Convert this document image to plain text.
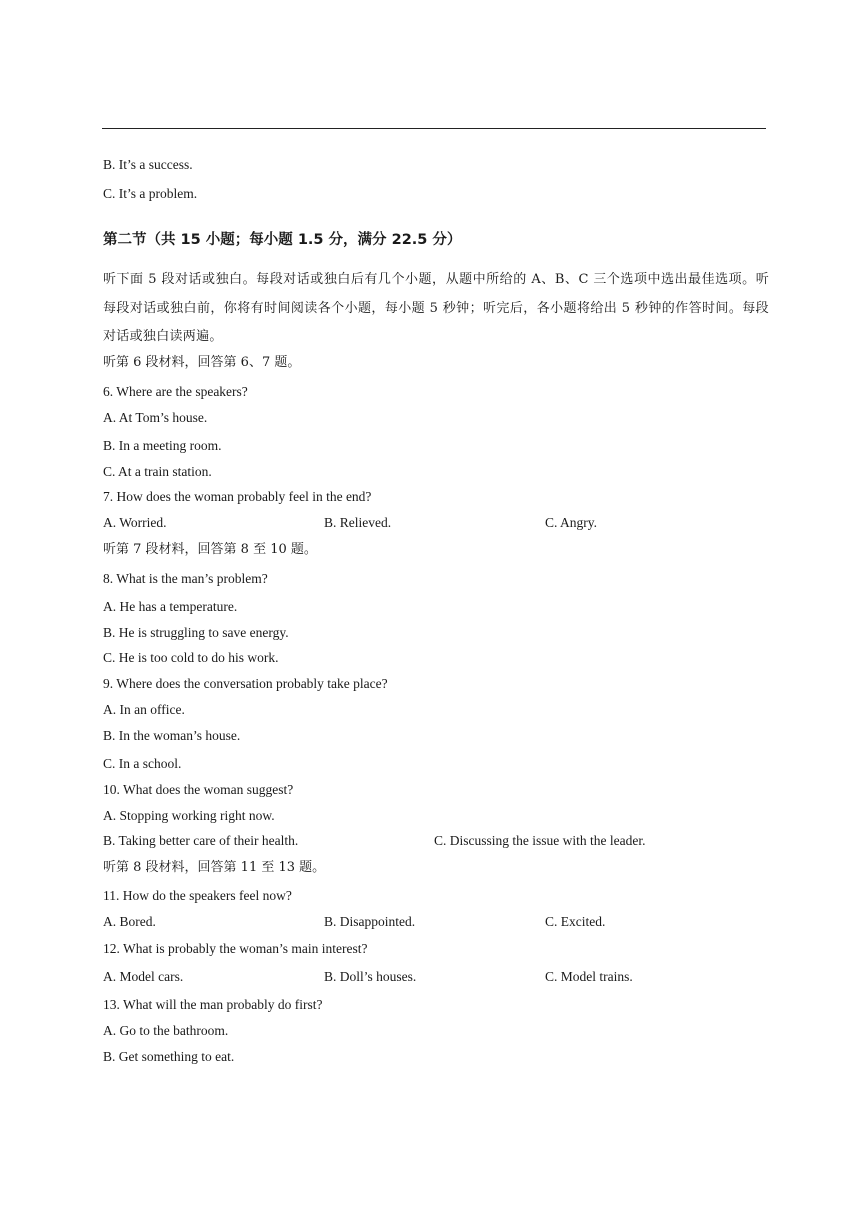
B. It’s a success.
C. It’s a problem.
第二节（共 15 小题；每小题 1.5 分，满分 22.5 分）
听下面 5 段对话或独白。每段对话或独白后有几个小题，从题中所给的 A、B、C 三个选项中选出最佳选项。听每段对话或独白前，你将有时间阅读各个小题，每小题 5 秒钟；听完后，各小题将给出 5 秒钟的作答时间。每段对话或独白读两遍。
听第 6 段材料，回答第 6、7 题。
6. Where are the speakers?
A. At Tom’s house.
B. In a meeting room.
C. At a train station.
7. How does the woman probably feel in the end?
A. Worried.	B. Relieved.	C. Angry.
听第 7 段材料，回答第 8 至 10 题。
8. What is the man’s problem?
A. He has a temperature.
B. He is struggling to save energy.
C. He is too cold to do his work.
9. Where does the conversation probably take place?
A. In an office.
B. In the woman’s house.
C. In a school.
10. What does the woman suggest?
A. Stopping working right now.
B. Taking better care of their health.	C. Discussing the issue with the leader.
听第 8 段材料，回答第 11 至 13 题。
11. How do the speakers feel now?
A. Bored.	B. Disappointed.	C. Excited.
12. What is probably the woman’s main interest?
A. Model cars.	B. Doll’s houses.	C. Model trains.
13. What will the man probably do first?
A. Go to the bathroom.
B. Get something to eat.
